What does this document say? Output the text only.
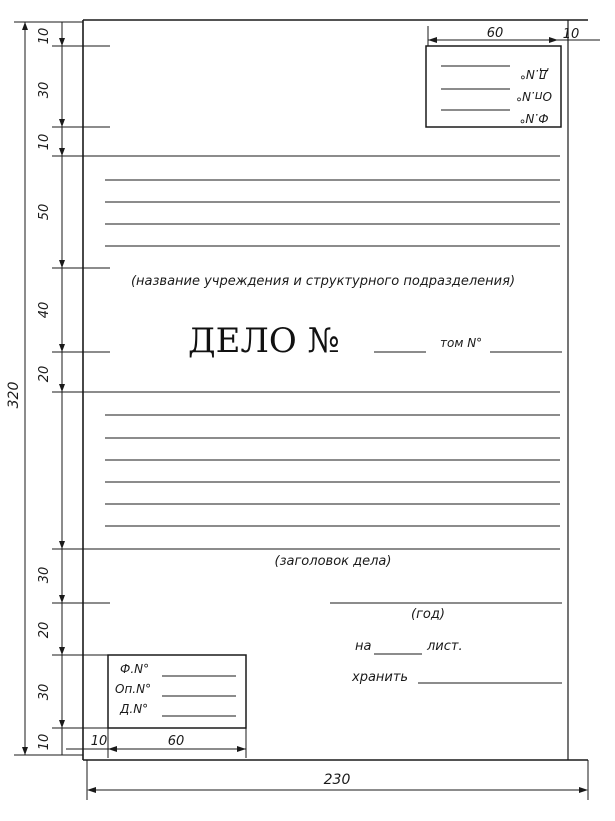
10
30
10
50
40
20
30
20
30
10
320
230
60	10
Д.N°
Оп.N°
Ф.N°
(название учреждения и структурного подразделения)
ДЕЛО №	том N°
(заголовок дела)
(год)
на	лист.
хранить
Ф.N°
Оп.N°
Д.N°
10	60
